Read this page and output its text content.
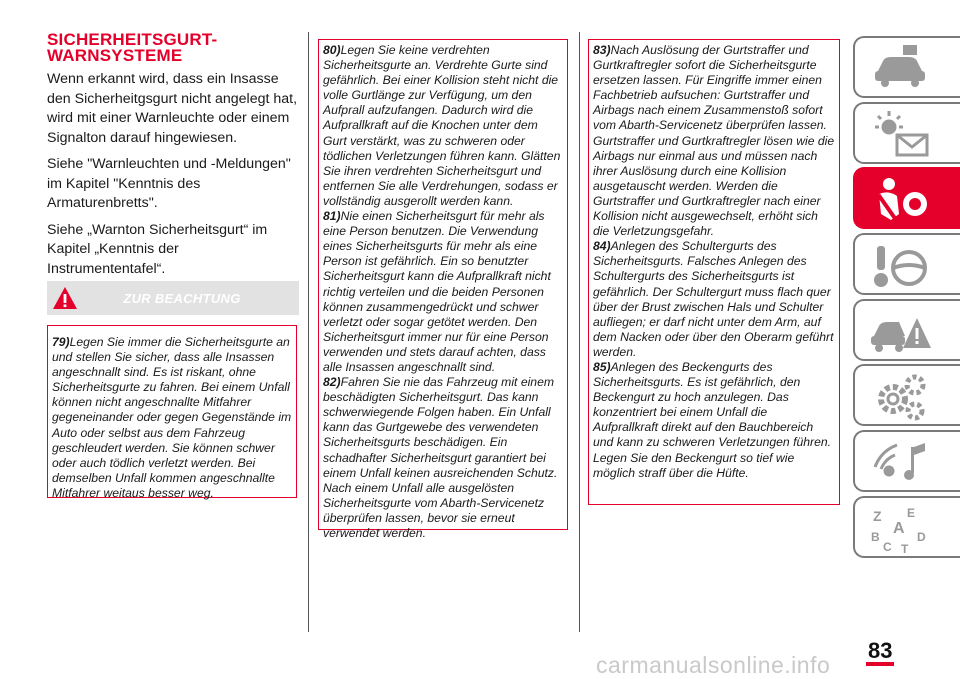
SICHERHEITSGURT-
WARNSYSTEME

Wenn erkannt wird, dass ein Insasse den Sicherheitgsgurt nicht angelegt hat, wird mit einer Warnleuchte oder einem Signalton darauf hingewiesen.

Siehe "Warnleuchten und -Meldungen" im Kapitel "Kenntnis des Armaturenbretts".

Siehe „Warnton Sicherheitsgurt“ im Kapitel „Kenntnis der Instrumententafel“.

ZUR BEACHTUNG

79)Legen Sie immer die Sicherheitsgurte an und stellen Sie sicher, dass alle Insassen angeschnallt sind. Es ist riskant, ohne Sicherheitsgurte zu fahren. Bei einem Unfall können nicht angeschnallte Mitfahrer gegeneinander oder gegen Gegenstände im Auto oder selbst aus dem Fahrzeug geschleudert werden. Sie können schwer oder auch tödlich verletzt werden. Bei demselben Unfall kommen angeschnallte Mitfahrer weitaus besser weg.

80)Legen Sie keine verdrehten Sicherheitsgurte an. Verdrehte Gurte sind gefährlich. Bei einer Kollision steht nicht die volle Gurtlänge zur Verfügung, um den Aufprall aufzufangen. Dadurch wird die Aufprallkraft auf die Knochen unter dem Gurt verstärkt, was zu schweren oder tödlichen Verletzungen führen kann. Glätten Sie ihren verdrehten Sicherheitsgurt und entfernen Sie alle Verdrehungen, sodass er vollständig ausgerollt werden kann.

81)Nie einen Sicherheitsgurt für mehr als eine Person benutzen. Die Verwendung eines Sicherheitsgurts für mehr als eine Person ist gefährlich. Ein so benutzter Sicherheitsgurt kann die Aufprallkraft nicht richtig verteilen und die beiden Personen können zusammengedrückt und schwer verletzt oder sogar getötet werden. Den Sicherheitsgurt immer nur für eine Person verwenden und stets darauf achten, dass alle Insassen angeschnallt sind.

82)Fahren Sie nie das Fahrzeug mit einem beschädigten Sicherheitsgurt. Das kann schwerwiegende Folgen haben. Ein Unfall kann das Gurtgewebe des verwendeten Sicherheitsgurts beschädigen. Ein schadhafter Sicherheitsgurt garantiert bei einem Unfall keinen ausreichenden Schutz. Nach einem Unfall alle ausgelösten Sicherheitsgurte vom Abarth-Servicenetz überprüfen lassen, bevor sie erneut verwendet werden.

83)Nach Auslösung der Gurtstraffer und Gurtkraftregler sofort die Sicherheitsgurte ersetzen lassen. Für Eingriffe immer einen Fachbetrieb aufsuchen: Gurtstraffer und Airbags nach einem Zusammenstoß sofort vom Abarth-Servicenetz überprüfen lassen. Gurtstraffer und Gurtkraftregler lösen wie die Airbags nur einmal aus und müssen nach ihrer Auslösung durch eine Kollision ausgetauscht werden. Werden die Gurtstraffer und Gurtkraftregler nach einer Kollision nicht ausgewechselt, erhöht sich die Verletzungsgefahr.

84)Anlegen des Schultergurts des Sicherheitsgurts. Falsches Anlegen des Schultergurts des Sicherheitsgurts ist gefährlich. Der Schultergurt muss flach quer über der Brust zwischen Hals und Schulter aufliegen; er darf nicht unter dem Arm, auf dem Nacken oder über den Oberarm geführt werden.

85)Anlegen des Beckengurts des Sicherheitsgurts. Es ist gefährlich, den Beckengurt zu hoch anzulegen. Das konzentriert bei einem Unfall die Aufprallkraft direkt auf den Bauchbereich und kann zu schweren Verletzungen führen. Legen Sie den Beckengurt so tief wie möglich straff über die Hüfte.

Z E
A
B	D
C T
83
carmanualsonline.info
